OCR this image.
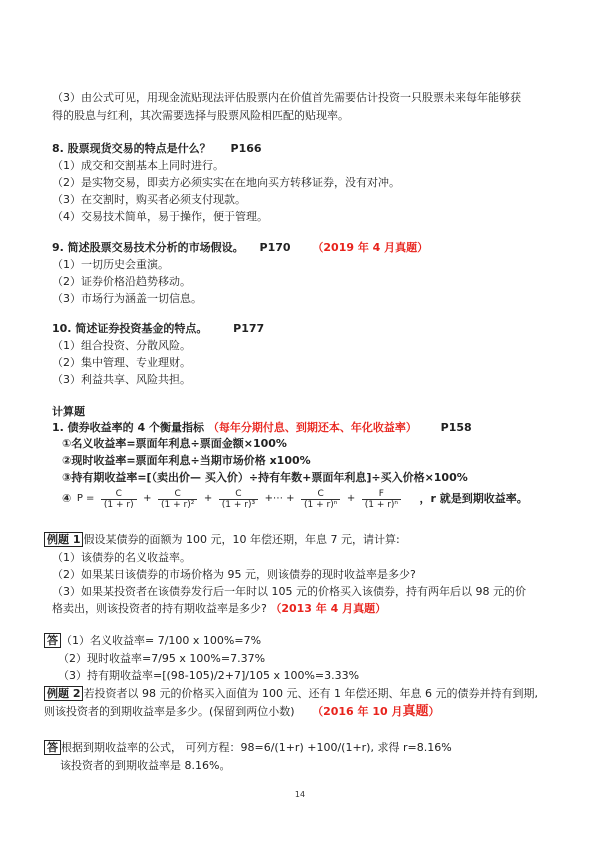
（3）由公式可见，用现金流贴现法评估股票内在价值首先需要估计投资一只股票未来每年能够获
得的股息与红利，其次需要选择与股票风险相匹配的贴现率。
8. 股票现货交易的特点是什么？ P166
（1）成交和交割基本上同时进行。
（2）是实物交易，即卖方必须实实在在地向买方转移证券，没有对冲。
（3）在交割时，购买者必须支付现款。
（4）交易技术简单，易于操作，便于管理。
9. 简述股票交易技术分析的市场假设。 P170 （2019 年 4 月真题）
（1）一切历史会重演。
（2）证券价格沿趋势移动。
（3）市场行为涵盖一切信息。
10. 简述证券投资基金的特点。 P177
（1）组合投资、分散风险。
（2）集中管理、专业理财。
（3）利益共享、风险共担。
计算题
1. 债券收益率的 4 个衡量指标 （每年分期付息、到期还本、年化收益率） P158
①名义收益率=票面年利息÷票面金额×100%
②现时收益率=票面年利息÷当期市场价格 x100%
③持有期收益率=[（卖出价— 买入价）÷持有年数+票面年利息]÷买入价格×100%
④ $P = \frac{C}{(1 + r)} + \frac{C}{\text{(1 + r)²}} + \frac{C}{\text{(1 + r)³}}$ +⋯ + $\frac{C}{\text{(1 + r)ⁿ}} + \frac{F}{\text{(1 + r)ⁿ}}$ ，r 就是到期收益率。
例题 1 假设某债券的面额为 100 元，10 年偿还期，年息 7 元，请计算:
（1）该债券的名义收益率。
（2）如果某日该债券的市场价格为 95 元，则该债券的现时收益率是多少?
（3）如果某投资者在该债券发行后一年时以 105 元的价格买入该债券，持有两年后以 98 元的价
格卖出，则该投资者的持有期收益率是多少? （2013 年 4 月真题）
答 （1）名义收益率= 7/100 x 100%=7%
（2）现时收益率=7/95 x 100%=7.37%
（3）持有期收益率=[(98-105)/2+7]/105 x 100%=3.33%
例题 2 若投资者以 98 元的价格买入面值为 100 元、还有 1 年偿还期、年息 6 元的债券并持有到期,
则该投资者的到期收益率是多少。(保留到两位小数) （2016 年 10 月真题）
答 根据到期收益率的公式， 可列方程：98=6/(1+r) +100/(1+r), 求得 r=8.16%
该投资者的到期收益率是 8.16%。
14
